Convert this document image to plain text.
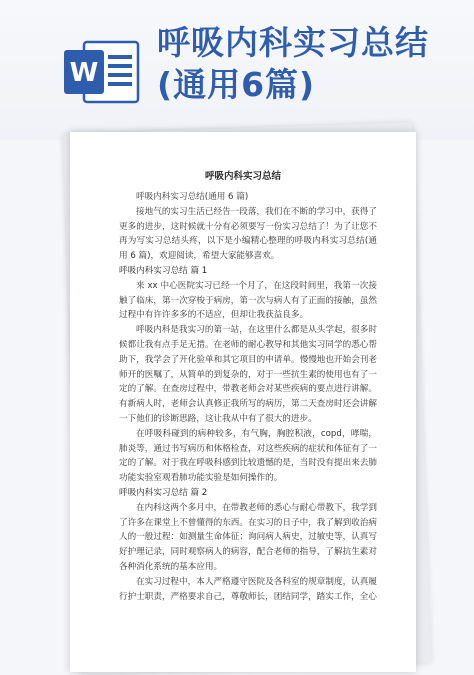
W
呼吸内科实习总结
(通用6篇)
呼吸内科实习总结

呼吸内科实习总结(通用 6 篇)

接地气的实习生活已经告一段落，我们在不断的学习中，获得了更多的进步，这时候就十分有必须要写一份实习总结了！为了让您不再为写实习总结头疼，以下是小编精心整理的呼吸内科实习总结(通用 6 篇)，欢迎阅读，希望大家能够喜欢。

呼吸内科实习总结 篇 1

来 xx 中心医院实习已经一个月了，在这段时间里，我第一次接触了临床，第一次穿梭于病房，第一次与病人有了正面的接触，虽然过程中有许许多多的不适应，但却让我获益良多。

呼吸内科是我实习的第一站，在这里什么都是从头学起，很多时候都让我有点手足无措。在老师的耐心教导和其他实习同学的悉心帮助下，我学会了开化验单和其它项目的申请单。慢慢地也开始会刊老师开的医嘱了，从简单的到复杂的，对于一些抗生素的使用也有了一定的了解。在查房过程中，带教老师会对某些疾病的要点进行讲解。有新病人时，老师会认真修正我所写的病历，第二天查房时还会讲解一下他们的诊断思路，这让我从中有了很大的进步。

在呼吸科碰到的病种较多，有气胸，胸腔积液，copd，哮喘，肺炎等，通过书写病历和体格检查，对这些疾病的症状和体征有了一定的了解。对于我在呼吸科感到比较遗憾的是，当时没有提出来去肺功能实验室观看肺功能实验是如何操作的。

呼吸内科实习总结 篇 2

在内科这两个多月中，在带教老师的悉心与耐心带教下，我学到了许多在课堂上不曾懂得的东西。在实习的日子中，我了解到收治病人的一般过程：如测量生命体征；询问病人病史，过敏史等，认真写好护理记录，同时观察病人的病容，配合老师的指导，了解抗生素对各种消化系统的基本应用。

在实习过程中，本人严格遵守医院及各科室的规章制度，认真履行护士职责，严格要求自己，尊敬师长，团结同学，踏实工作，全心
